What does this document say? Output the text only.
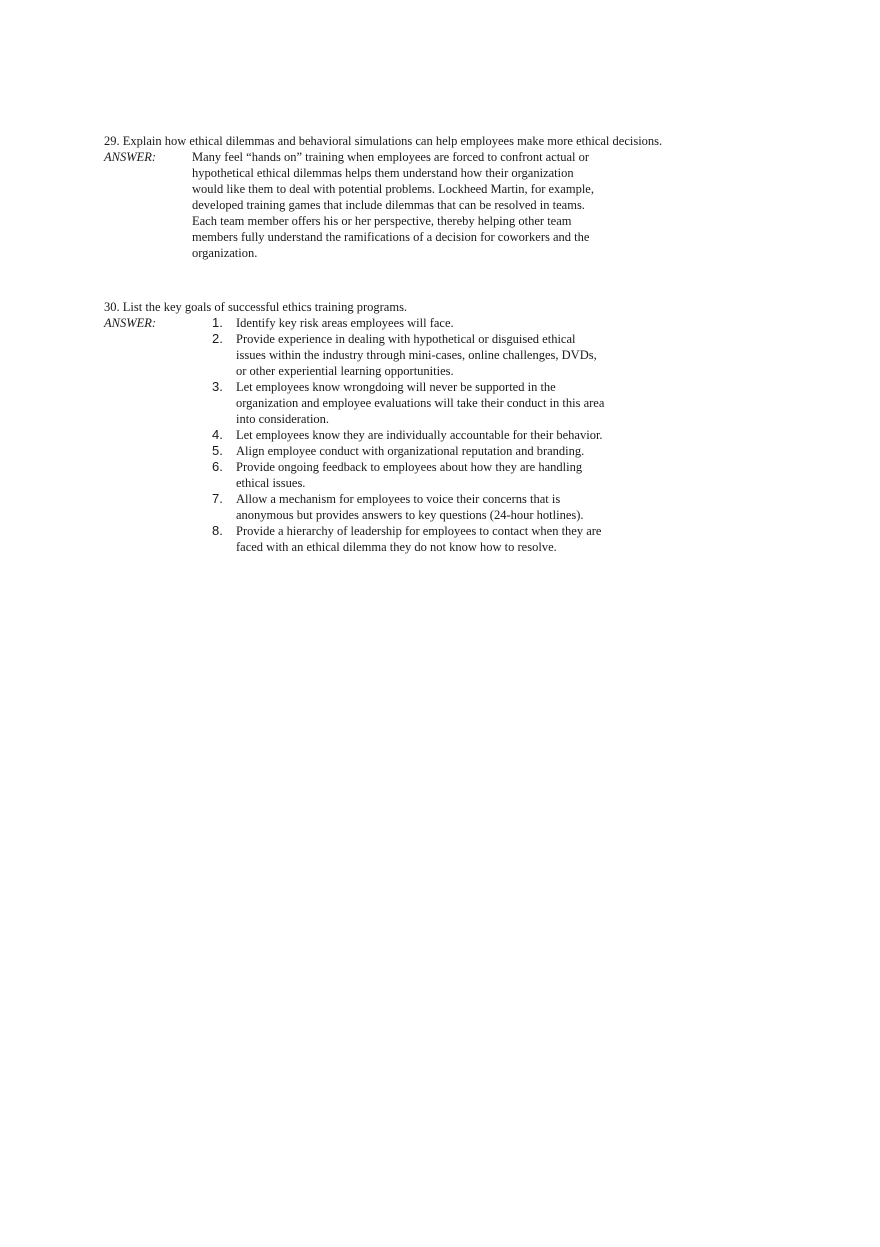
29. Explain how ethical dilemmas and behavioral simulations can help employees make more ethical decisions.
ANSWER:	Many feel “hands on” training when employees are forced to confront actual or
hypothetical ethical dilemmas helps them understand how their organization
would like them to deal with potential problems. Lockheed Martin, for example,
developed training games that include dilemmas that can be resolved in teams.
Each team member offers his or her perspective, thereby helping other team
members fully understand the ramifications of a decision for coworkers and the
organization.
30. List the key goals of successful ethics training programs.
ANSWER:	1. Identify key risk areas employees will face.
2. Provide experience in dealing with hypothetical or disguised ethical
issues within the industry through mini-cases, online challenges, DVDs,
or other experiential learning opportunities.
3. Let employees know wrongdoing will never be supported in the
organization and employee evaluations will take their conduct in this area
into consideration.
4. Let employees know they are individually accountable for their behavior.
5. Align employee conduct with organizational reputation and branding.
6. Provide ongoing feedback to employees about how they are handling
ethical issues.
7. Allow a mechanism for employees to voice their concerns that is
anonymous but provides answers to key questions (24-hour hotlines).
8. Provide a hierarchy of leadership for employees to contact when they are
faced with an ethical dilemma they do not know how to resolve.
